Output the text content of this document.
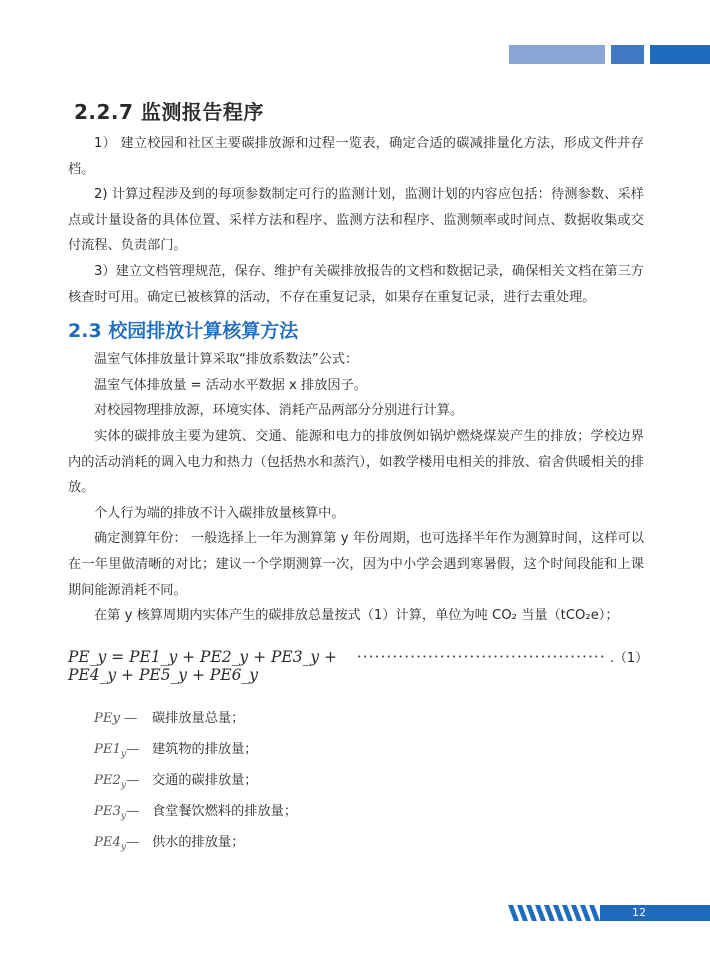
2.2.7 监测报告程序

1） 建立校园和社区主要碳排放源和过程一览表，确定合适的碳减排量化方法，形成文件并存档。

2) 计算过程涉及到的每项参数制定可行的监测计划，监测计划的内容应包括：待测参数、采样点或计量设备的具体位置、采样方法和程序、监测方法和程序、监测频率或时间点、数据收集或交付流程、负责部门。

3）建立文档管理规范，保存、维护有关碳排放报告的文档和数据记录，确保相关文档在第三方核查时可用。确定已被核算的活动，不存在重复记录，如果存在重复记录，进行去重处理。

2.3 校园排放计算核算方法

温室气体排放量计算采取“排放系数法”公式：

温室气体排放量 = 活动水平数据 x 排放因子。

对校园物理排放源，环境实体、消耗产品两部分分别进行计算。

实体的碳排放主要为建筑、交通、能源和电力的排放例如锅炉燃烧煤炭产生的排放；学校边界内的活动消耗的调入电力和热力（包括热水和蒸汽），如教学楼用电相关的排放、宿舍供暖相关的排放。

个人行为端的排放不计入碳排放量核算中。

确定测算年份： 一般选择上一年为测算第 y 年份周期，也可选择半年作为测算时间，这样可以在一年里做清晰的对比；建议一个学期测算一次，因为中小学会遇到寒暑假，这个时间段能和上课期间能源消耗不同。

在第 y 核算周期内实体产生的碳排放总量按式（1）计算，单位为吨 CO₂ 当量（tCO₂e）；

PE_y = PE1_y + PE2_y + PE3_y + PE4_y + PE5_y + PE6_y
·········································· .（1）
PEy —	碳排放量总量；
$PE1_y—$ 建筑物的排放量；
$PE2_y—$ 交通的碳排放量；
$PE3_y—$ 食堂餐饮燃料的排放量；
$PE4_y—$ 供水的排放量；
12
